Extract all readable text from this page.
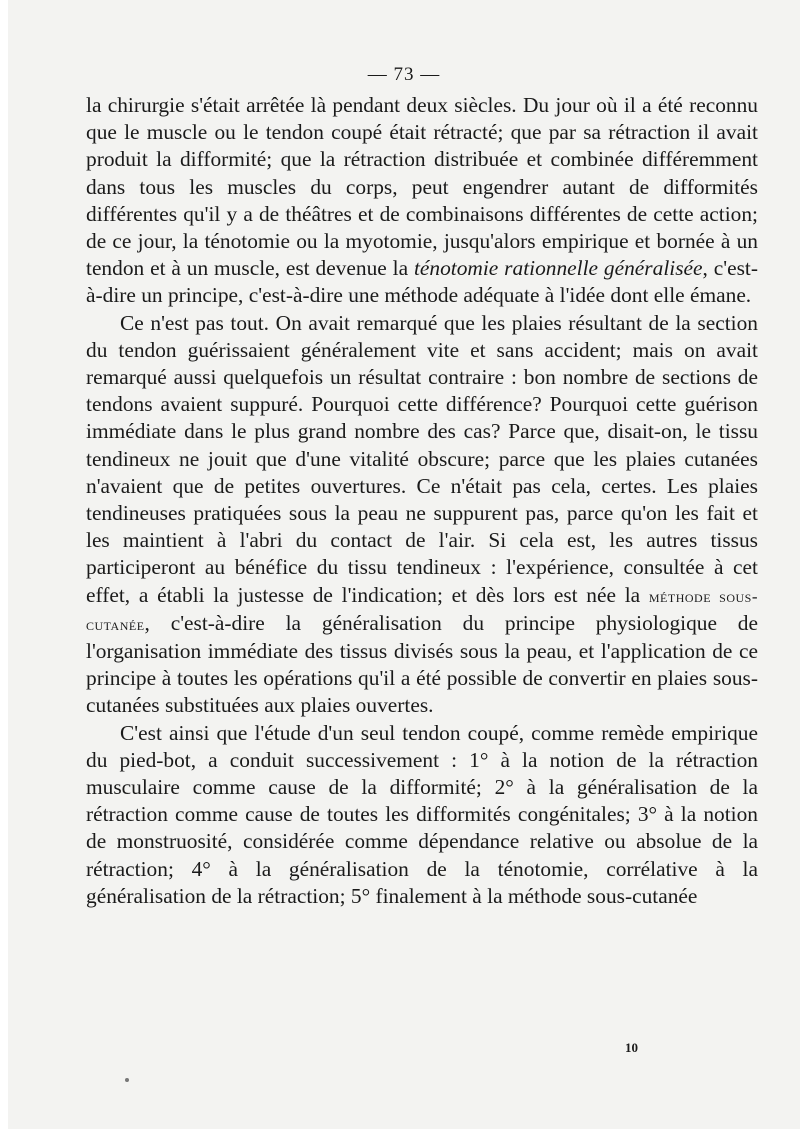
— 73 —

la chirurgie s'était arrêtée là pendant deux siècles. Du jour où il a été reconnu que le muscle ou le tendon coupé était rétracté; que par sa rétraction il avait produit la difformité; que la rétraction distribuée et combinée différemment dans tous les muscles du corps, peut engendrer autant de difformités différentes qu'il y a de théâtres et de combinaisons différentes de cette action; de ce jour, la ténotomie ou la myotomie, jusqu'alors empirique et bornée à un tendon et à un muscle, est devenue la ténotomie rationnelle généralisée, c'est-à-dire un principe, c'est-à-dire une méthode adéquate à l'idée dont elle émane.

Ce n'est pas tout. On avait remarqué que les plaies résultant de la section du tendon guérissaient généralement vite et sans accident; mais on avait remarqué aussi quelquefois un résultat contraire : bon nombre de sections de tendons avaient suppuré. Pourquoi cette différence? Pourquoi cette guérison immédiate dans le plus grand nombre des cas? Parce que, disait-on, le tissu tendineux ne jouit que d'une vitalité obscure; parce que les plaies cutanées n'avaient que de petites ouvertures. Ce n'était pas cela, certes. Les plaies tendineuses pratiquées sous la peau ne suppurent pas, parce qu'on les fait et les maintient à l'abri du contact de l'air. Si cela est, les autres tissus participeront au bénéfice du tissu tendineux : l'expérience, consultée à cet effet, a établi la justesse de l'indication; et dès lors est née la méthode sous-cutanée, c'est-à-dire la généralisation du principe physiologique de l'organisation immédiate des tissus divisés sous la peau, et l'application de ce principe à toutes les opérations qu'il a été possible de convertir en plaies sous-cutanées substituées aux plaies ouvertes.

C'est ainsi que l'étude d'un seul tendon coupé, comme remède empirique du pied-bot, a conduit successivement : 1° à la notion de la rétraction musculaire comme cause de la difformité; 2° à la généralisation de la rétraction comme cause de toutes les difformités congénitales; 3° à la notion de monstruosité, considérée comme dépendance relative ou absolue de la rétraction; 4° à la généralisation de la ténotomie, corrélative à la généralisation de la rétraction; 5° finalement à la méthode sous-cutanée

10
